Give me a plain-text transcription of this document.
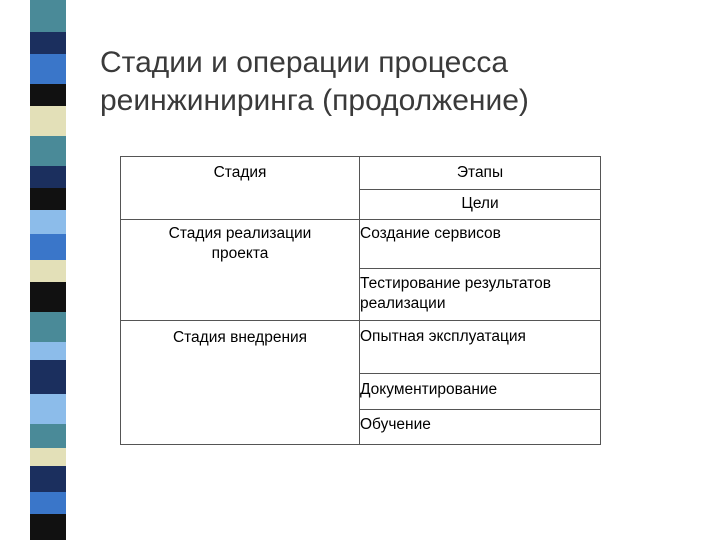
Стадии и операции процесса
реинжиниринга (продолжение)
Стадия	Этапы
	Цели

Стадия реализации проекта	Создание сервисов
	Тестирование результатов реализации

Стадия внедрения	Опытная эксплуатация
	Документирование
	Обучение
